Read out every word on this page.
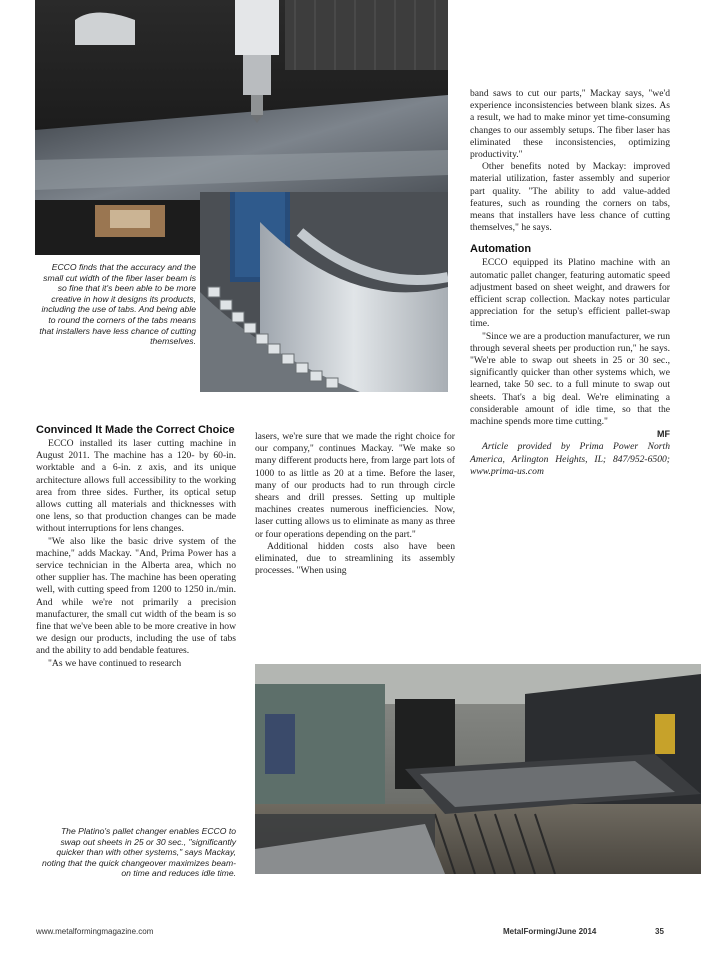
ECCO finds that the accuracy and the small cut width of the fiber laser beam is so fine that it's been able to be more creative in how it designs its products, including the use of tabs. And being able to round the corners of the tabs means that installers have less chance of cutting themselves.
Convinced It Made the Correct Choice

ECCO installed its laser cutting machine in August 2011. The machine has a 120- by 60-in. worktable and a 6-in. z axis, and its unique architecture allows full accessibility to the working area from three sides. Further, its optical setup allows cutting all materials and thicknesses with one lens, so that production changes can be made without interruptions for lens changes.

"We also like the basic drive system of the machine," adds Mackay. "And, Prima Power has a service technician in the Alberta area, which no other supplier has. The machine has been operating well, with cutting speed from 1200 to 1250 in./min. And while we're not primarily a precision manufacturer, the small cut width of the beam is so fine that we've been able to be more creative in how we design our products, including the use of tabs and the ability to add bendable features.

"As we have continued to research

The Platino's pallet changer enables ECCO to swap out sheets in 25 or 30 sec., "significantly quicker than with other systems," says Mackay, noting that the quick changeover maximizes beam-on time and reduces idle time.

lasers, we're sure that we made the right choice for our company," continues Mackay. "We make so many different products here, from large part lots of 1000 to as little as 20 at a time. Before the laser, many of our products had to run through circle shears and drill presses. Setting up multiple machines creates numerous inefficiencies. Now, laser cutting allows us to eliminate as many as three or four operations depending on the part."

Additional hidden costs also have been eliminated, due to streamlining its assembly processes. "When using

band saws to cut our parts," Mackay says, "we'd experience inconsistencies between blank sizes. As a result, we had to make minor yet time-consuming changes to our assembly setups. The fiber laser has eliminated these inconsistencies, optimizing productivity."

Other benefits noted by Mackay: improved material utilization, faster assembly and superior part quality. "The ability to add value-added features, such as rounding the corners on tabs, means that installers have less chance of cutting themselves," he says.

Automation

ECCO equipped its Platino machine with an automatic pallet changer, featuring automatic speed adjustment based on sheet weight, and drawers for efficient scrap collection. Mackay notes particular appreciation for the setup's efficient pallet-swap time.

"Since we are a production manufacturer, we run through several sheets per production run," he says. "We're able to swap out sheets in 25 or 30 sec., significantly quicker than other systems which, we learned, take 50 sec. to a full minute to swap out sheets. That's a big deal. We're eliminating a considerable amount of idle time, so that the machine spends more time cutting."

MF

Article provided by Prima Power North America, Arlington Heights, IL; 847/952-6500; www.prima-us.com

www.metalformingmagazine.com	MetalForming/June 2014	35
